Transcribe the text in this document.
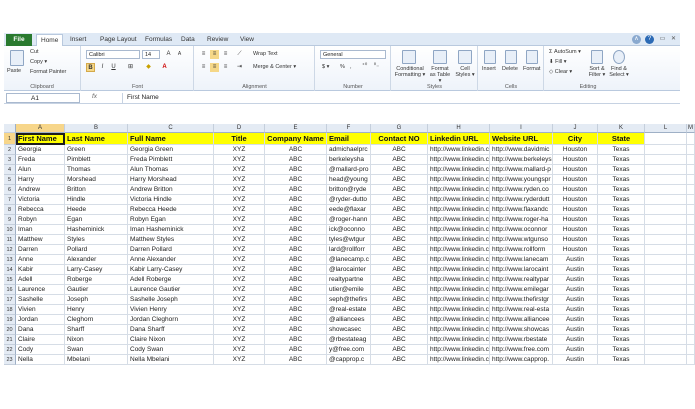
File	Home	Insert	Page Layout	Formulas	Data	Review	View	∧	?	▭ ✕
Paste
Cut
Copy ▾
Format Painter
Clipboard
Calibri	14	A	A
B	I	U	⊞	◆	A
Font
≡	≡	≡	⟋	Wrap Text
≡	≡	≡	⇥	Merge & Center ▾
Alignment
General
$ ▾ % , ⁺⁰ ⁰₋
Number
Conditional Formatting ▾
Format as Table ▾
Cell Styles ▾
Styles
Insert Delete Format
Cells
Σ AutoSum ▾
⬇ Fill ▾
◇ Clear ▾	Sort & Filter ▾
Find & Select ▾
Editing
A1	fx	First Name
A	B	C	D	E	F	G	H	I	J	K	L	M
1 First Name	Last Name	Full Name	Title	Company Name Email	Contact NO	Linkedin URL	Website URL	City	State
2	Georgia	Green	Georgia Green	XYZ	ABC	admichaelprc	ABC	http://www.linkedin.c http://www.davidmic	Houston	Texas
3	Freda	Pimblett	Freda Pimblett	XYZ	ABC	berkeleysha	ABC	http://www.linkedin.c http://www.berkeleys	Houston	Texas
4	Alun	Thomas	Alun Thomas	XYZ	ABC	@mallard-pro	ABC	http://www.linkedin.c http://www.mallard-p	Houston	Texas
5	Harry	Morshead	Harry Morshead	XYZ	ABC	head@young	ABC	http://www.linkedin.c http://www.youngspr	Houston	Texas
6	Andrew	Britton	Andrew Britton	XYZ	ABC	britton@ryde	ABC	http://www.linkedin.c http://www.ryden.co	Houston	Texas
7	Victoria	Hindle	Victoria Hindle	XYZ	ABC	@ryder-dutto	ABC	http://www.linkedin.c http://www.ryderdutt	Houston	Texas
8	Rebecca	Heede	Rebecca Heede	XYZ	ABC	eede@flaxar	ABC	http://www.linkedin.c http://www.flaxandc	Houston	Texas
9	Robyn	Egan	Robyn Egan	XYZ	ABC	@roger-hann	ABC	http://www.linkedin.c http://www.roger-ha	Houston	Texas
10 Iman	Hasheminick	Iman Hasheminick	XYZ	ABC	ick@oconno	ABC	http://www.linkedin.c http://www.oconnor	Houston	Texas
11 Matthew	Styles	Matthew Styles	XYZ	ABC	tyles@wtgur	ABC	http://www.linkedin.c http://www.wtgunso	Houston	Texas
12 Darren	Pollard	Darren Pollard	XYZ	ABC	lard@rollforr	ABC	http://www.linkedin.c http://www.rollform	Houston	Texas
13 Anne	Alexander	Anne Alexander	XYZ	ABC	@lanecamp.c	ABC	http://www.linkedin.c http://www.lanecam	Austin	Texas
14 Kabir	Larry-Casey	Kabir Larry-Casey	XYZ	ABC	@larocainter	ABC	http://www.linkedin.c http://www.larocaint	Austin	Texas
15 Adell	Roberge	Adell Roberge	XYZ	ABC	realtypartne	ABC	http://www.linkedin.c http://www.realtypar	Austin	Texas
16 Laurence	Gautier	Laurence Gautier	XYZ	ABC	utier@emile	ABC	http://www.linkedin.c http://www.emilegar	Austin	Texas
17 Sashelle	Joseph	Sashelle Joseph	XYZ	ABC	seph@thefirs	ABC	http://www.linkedin.c http://www.thefirstgr	Austin	Texas
18 Vivien	Henry	Vivien Henry	XYZ	ABC	@real-estate	ABC	http://www.linkedin.c http://www.real-esta	Austin	Texas
19 Jordan	Cleghorn	Jordan Cleghorn	XYZ	ABC	@alliancees	ABC	http://www.linkedin.c http://www.alliancee	Austin	Texas
20 Dana	Sharff	Dana Sharff	XYZ	ABC	showcasec	ABC	http://www.linkedin.c http://www.showcas	Austin	Texas
21 Claire	Nixon	Claire Nixon	XYZ	ABC	@rbestateag	ABC	http://www.linkedin.c http://www.rbestate	Austin	Texas
22 Cody	Swan	Cody Swan	XYZ	ABC	y@free.com	ABC	http://www.linkedin.c http://www.free.com	Austin	Texas
23 Nella	Mbelani	Nella Mbelani	XYZ	ABC	@capprop.c	ABC	http://www.linkedin.c http://www.capprop.	Austin	Texas
